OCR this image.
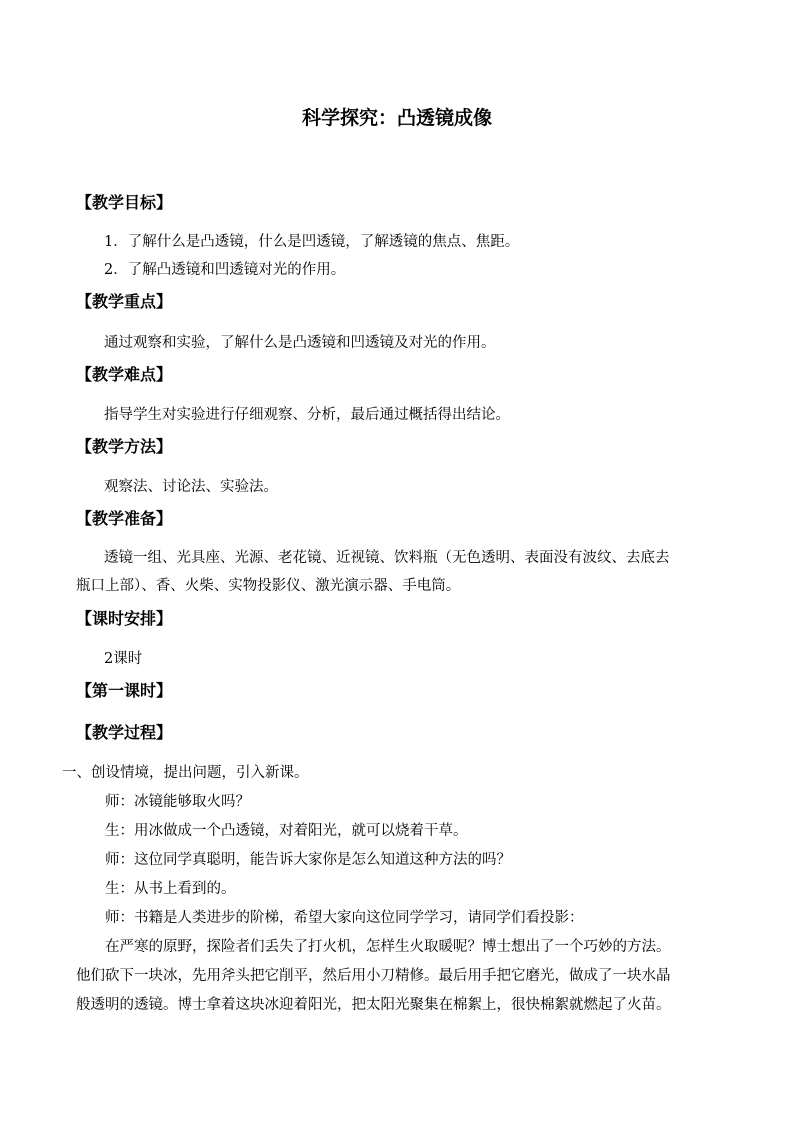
科学探究：凸透镜成像
【教学目标】
1．了解什么是凸透镜，什么是凹透镜，了解透镜的焦点、焦距。
2．了解凸透镜和凹透镜对光的作用。
【教学重点】
通过观察和实验，了解什么是凸透镜和凹透镜及对光的作用。
【教学难点】
指导学生对实验进行仔细观察、分析，最后通过概括得出结论。
【教学方法】
观察法、讨论法、实验法。
【教学准备】
透镜一组、光具座、光源、老花镜、近视镜、饮料瓶（无色透明、表面没有波纹、去底去
瓶口上部）、香、火柴、实物投影仪、激光演示器、手电筒。
【课时安排】
2课时
【第一课时】
【教学过程】
一、创设情境，提出问题，引入新课。
师：冰镜能够取火吗？
生：用冰做成一个凸透镜，对着阳光，就可以烧着干草。
师：这位同学真聪明，能告诉大家你是怎么知道这种方法的吗？
生：从书上看到的。
师：书籍是人类进步的阶梯，希望大家向这位同学学习，请同学们看投影：
在严寒的原野，探险者们丢失了打火机，怎样生火取暖呢？博士想出了一个巧妙的方法。
他们砍下一块冰，先用斧头把它削平，然后用小刀精修。最后用手把它磨光，做成了一块水晶
般透明的透镜。博士拿着这块冰迎着阳光，把太阳光聚集在棉絮上，很快棉絮就燃起了火苗。
